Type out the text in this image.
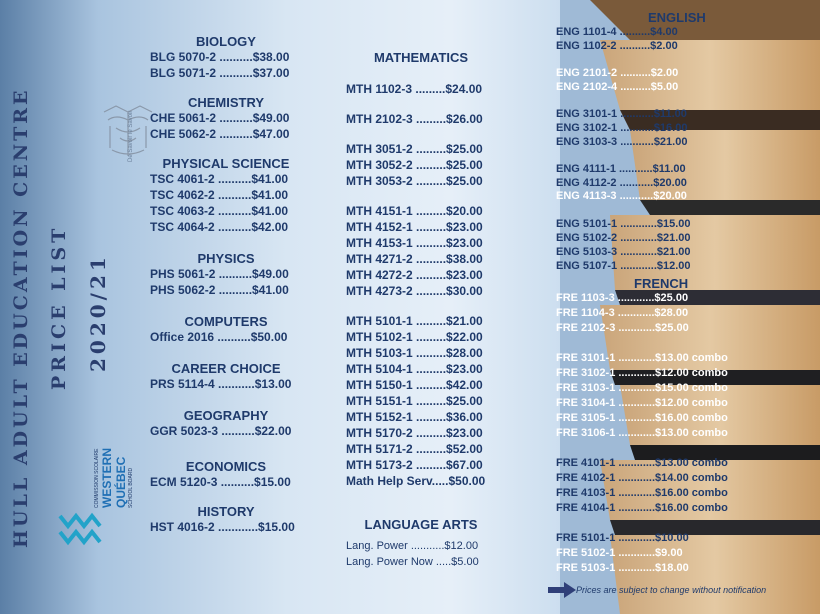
HULL ADULT EDUCATION CENTRE PRICE LIST 2020/21
De Savoir le Savoir
COMMISSION SCOLAIRE WESTERN QUÉBEC SCHOOL BOARD
BIOLOGY
BLG 5070-2 ..........$38.00
BLG 5071-2 ..........$37.00
CHEMISTRY
CHE 5061-2 ..........$49.00
CHE 5062-2 ..........$47.00
PHYSICAL SCIENCE
TSC 4061-2 ..........$41.00
TSC 4062-2 ..........$41.00
TSC 4063-2 ..........$41.00
TSC 4064-2 ..........$42.00
PHYSICS
PHS 5061-2 ..........$49.00
PHS 5062-2 ..........$41.00
COMPUTERS
Office 2016 ..........$50.00
CAREER CHOICE
PRS 5114-4 ...........$13.00
GEOGRAPHY
GGR 5023-3 ..........$22.00
ECONOMICS
ECM 5120-3 ..........$15.00
HISTORY
HST 4016-2 ............$15.00
MATHEMATICS
MTH 1102-3 .........$24.00
MTH 2102-3 .........$26.00
MTH 3051-2 .........$25.00
MTH 3052-2 .........$25.00
MTH 3053-2 .........$25.00
MTH 4151-1 .........$20.00
MTH 4152-1 .........$23.00
MTH 4153-1 .........$23.00
MTH 4271-2 .........$38.00
MTH 4272-2 .........$23.00
MTH 4273-2 .........$30.00
MTH 5101-1 .........$21.00
MTH 5102-1 .........$22.00
MTH 5103-1 .........$28.00
MTH 5104-1 .........$23.00
MTH 5150-1 .........$42.00
MTH 5151-1 .........$25.00
MTH 5152-1 .........$36.00
MTH 5170-2 .........$23.00
MTH 5171-2 .........$52.00
MTH 5173-2 .........$67.00
Math Help Serv.....$50.00
LANGUAGE ARTS
Lang. Power ...........$12.00
Lang. Power Now .....$5.00
ENGLISH
ENG 1101-4 ..........$4.00
ENG 1102-2 ..........$2.00
ENG 2101-2 ..........$2.00
ENG 2102-4 ..........$5.00
ENG 3101-1 ...........$11.00
ENG 3102-1 ...........$16.00
ENG 3103-3 ...........$21.00
ENG 4111-1 ...........$11.00
ENG 4112-2 ...........$20.00
ENG 4113-3 ...........$20.00
ENG 5101-1 ............$15.00
ENG 5102-2 ............$21.00
ENG 5103-3 ............$21.00
ENG 5107-1 ............$12.00
FRENCH
FRE 1103-3 ............$25.00
FRE 1104-3 ............$28.00
FRE 2102-3 ............$25.00
FRE 3101-1 ............$13.00 combo
FRE 3102-1 ............$12.00 combo
FRE 3103-1 ............$15.00 combo
FRE 3104-1 ............$12.00 combo
FRE 3105-1 ............$16.00 combo
FRE 3106-1 ............$13.00 combo
FRE 4101-1 ............$13.00 combo
FRE 4102-1 ............$14.00 combo
FRE 4103-1 ............$16.00 combo
FRE 4104-1 ............$16.00 combo
FRE 5101-1 ............$10.00
FRE 5102-1 ............$9.00
FRE 5103-1 ............$18.00
Prices are subject to change without notification
